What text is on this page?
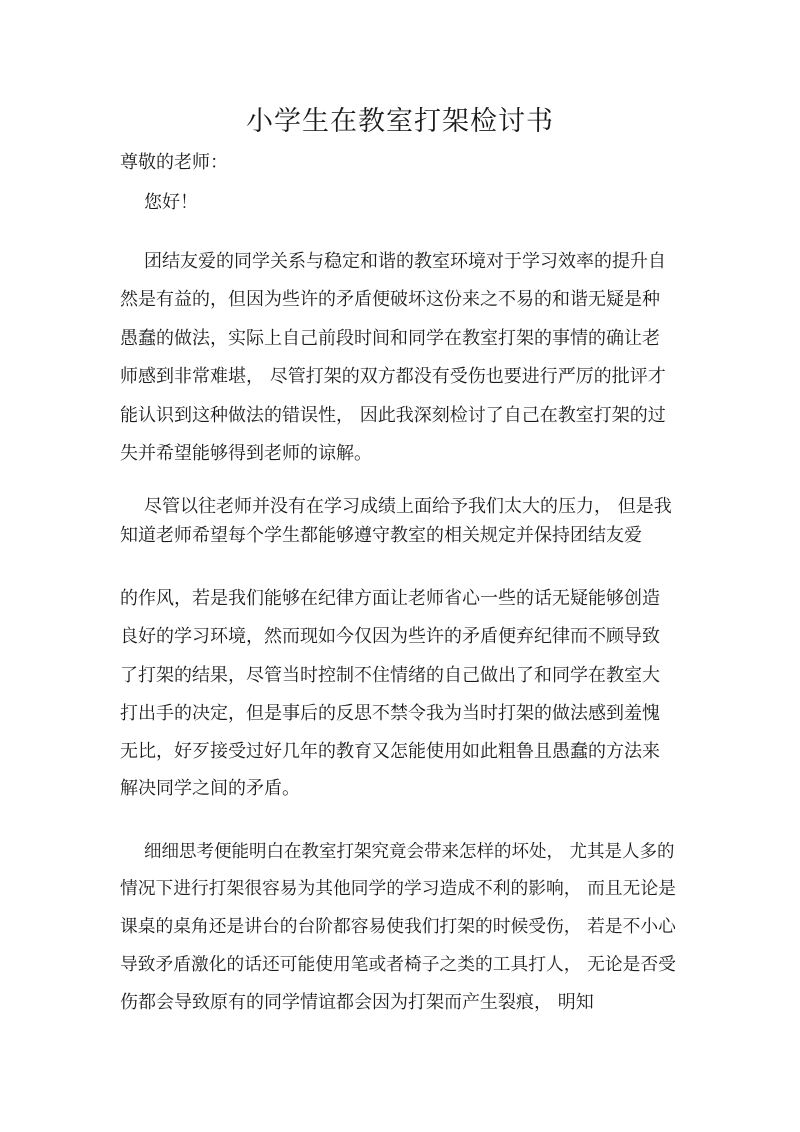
小学生在教室打架检讨书
尊敬的老师：
您好！
团结友爱的同学关系与稳定和谐的教室环境对于学习效率的提升自
然是有益的，但因为些许的矛盾便破坏这份来之不易的和谐无疑是种
愚蠢的做法，实际上自己前段时间和同学在教室打架的事情的确让老
师感到非常难堪， 尽管打架的双方都没有受伤也要进行严厉的批评才
能认识到这种做法的错误性， 因此我深刻检讨了自己在教室打架的过
失并希望能够得到老师的谅解。
尽管以往老师并没有在学习成绩上面给予我们太大的压力， 但是我
知道老师希望每个学生都能够遵守教室的相关规定并保持团结友爱
的作风，若是我们能够在纪律方面让老师省心一些的话无疑能够创造
良好的学习环境，然而现如今仅因为些许的矛盾便弃纪律而不顾导致
了打架的结果，尽管当时控制不住情绪的自己做出了和同学在教室大
打出手的决定，但是事后的反思不禁令我为当时打架的做法感到羞愧
无比，好歹接受过好几年的教育又怎能使用如此粗鲁且愚蠢的方法来
解决同学之间的矛盾。
细细思考便能明白在教室打架究竟会带来怎样的坏处， 尤其是人多的
情况下进行打架很容易为其他同学的学习造成不利的影响， 而且无论是
课桌的桌角还是讲台的台阶都容易使我们打架的时候受伤， 若是不小心
导致矛盾激化的话还可能使用笔或者椅子之类的工具打人， 无论是否受
伤都会导致原有的同学情谊都会因为打架而产生裂痕， 明知
